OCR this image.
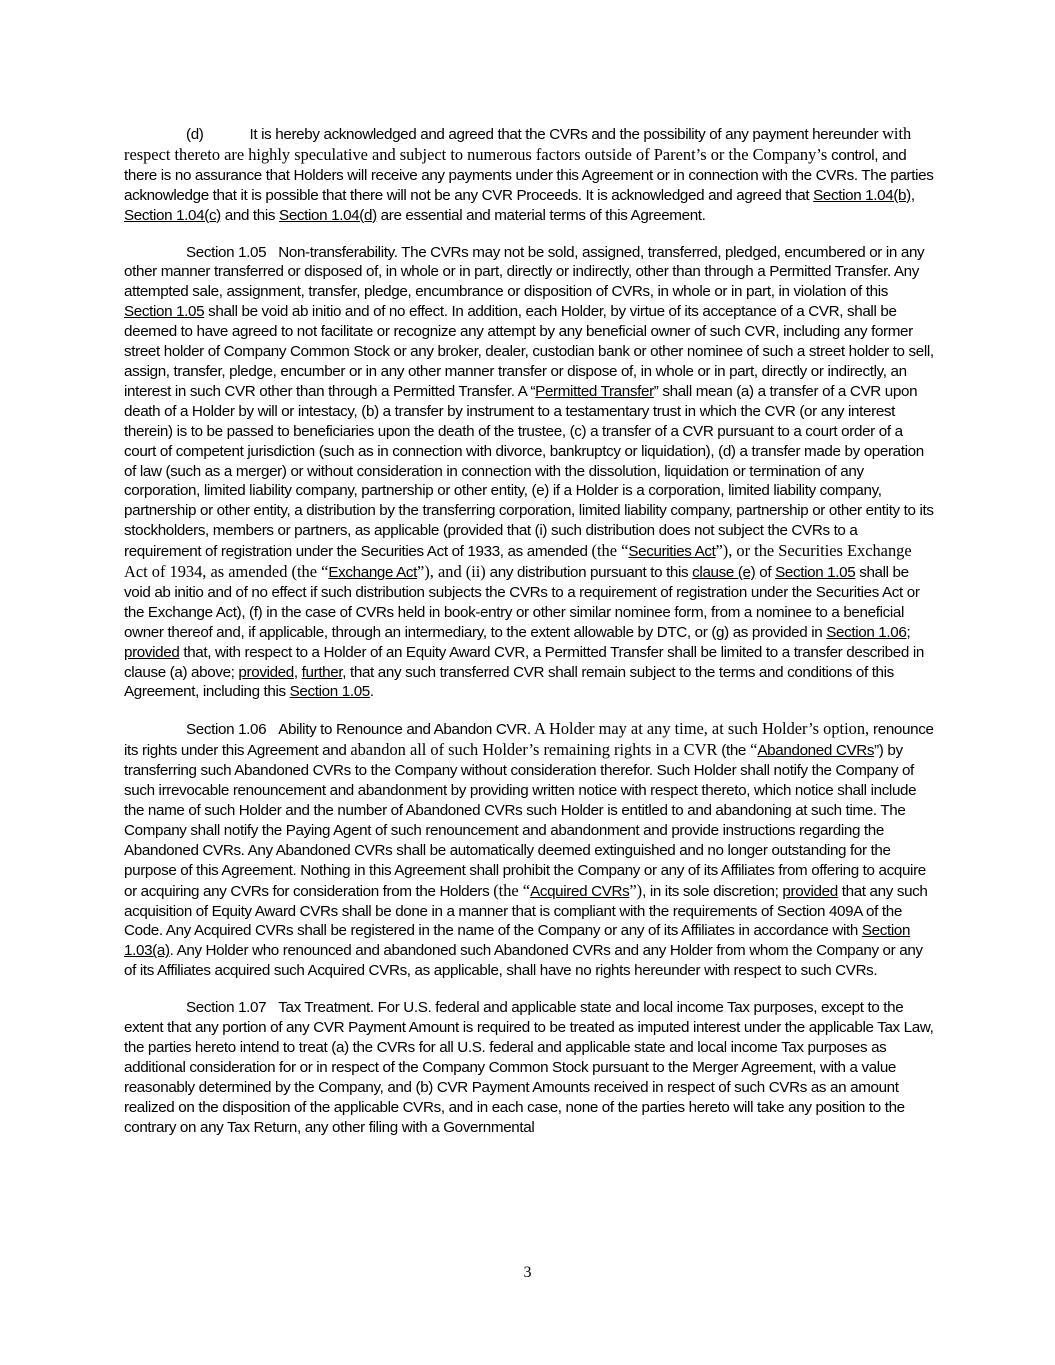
(d)	It is hereby acknowledged and agreed that the CVRs and the possibility of any payment hereunder with respect thereto are highly speculative and subject to numerous factors outside of Parent’s or the Company’s control, and there is no assurance that Holders will receive any payments under this Agreement or in connection with the CVRs. The parties acknowledge that it is possible that there will not be any CVR Proceeds. It is acknowledged and agreed that Section 1.04(b), Section 1.04(c) and this Section 1.04(d) are essential and material terms of this Agreement.

Section 1.05 Non-transferability. The CVRs may not be sold, assigned, transferred, pledged, encumbered or in any other manner transferred or disposed of, in whole or in part, directly or indirectly, other than through a Permitted Transfer. Any attempted sale, assignment, transfer, pledge, encumbrance or disposition of CVRs, in whole or in part, in violation of this Section 1.05 shall be void ab initio and of no effect. In addition, each Holder, by virtue of its acceptance of a CVR, shall be deemed to have agreed to not facilitate or recognize any attempt by any beneficial owner of such CVR, including any former street holder of Company Common Stock or any broker, dealer, custodian bank or other nominee of such a street holder to sell, assign, transfer, pledge, encumber or in any other manner transfer or dispose of, in whole or in part, directly or indirectly, an interest in such CVR other than through a Permitted Transfer. A “Permitted Transfer” shall mean (a) a transfer of a CVR upon death of a Holder by will or intestacy, (b) a transfer by instrument to a testamentary trust in which the CVR (or any interest therein) is to be passed to beneficiaries upon the death of the trustee, (c) a transfer of a CVR pursuant to a court order of a court of competent jurisdiction (such as in connection with divorce, bankruptcy or liquidation), (d) a transfer made by operation of law (such as a merger) or without consideration in connection with the dissolution, liquidation or termination of any corporation, limited liability company, partnership or other entity, (e) if a Holder is a corporation, limited liability company, partnership or other entity, a distribution by the transferring corporation, limited liability company, partnership or other entity to its stockholders, members or partners, as applicable (provided that (i) such distribution does not subject the CVRs to a requirement of registration under the Securities Act of 1933, as amended (the “Securities Act”), or the Securities Exchange Act of 1934, as amended (the “Exchange Act”), and (ii) any distribution pursuant to this clause (e) of Section 1.05 shall be void ab initio and of no effect if such distribution subjects the CVRs to a requirement of registration under the Securities Act or the Exchange Act), (f) in the case of CVRs held in book-entry or other similar nominee form, from a nominee to a beneficial owner thereof and, if applicable, through an intermediary, to the extent allowable by DTC, or (g) as provided in Section 1.06; provided that, with respect to a Holder of an Equity Award CVR, a Permitted Transfer shall be limited to a transfer described in clause (a) above; provided, further, that any such transferred CVR shall remain subject to the terms and conditions of this Agreement, including this Section 1.05.

Section 1.06 Ability to Renounce and Abandon CVR. A Holder may at any time, at such Holder’s option, renounce its rights under this Agreement and abandon all of such Holder’s remaining rights in a CVR (the “Abandoned CVRs”) by transferring such Abandoned CVRs to the Company without consideration therefor. Such Holder shall notify the Company of such irrevocable renouncement and abandonment by providing written notice with respect thereto, which notice shall include the name of such Holder and the number of Abandoned CVRs such Holder is entitled to and abandoning at such time. The Company shall notify the Paying Agent of such renouncement and abandonment and provide instructions regarding the Abandoned CVRs. Any Abandoned CVRs shall be automatically deemed extinguished and no longer outstanding for the purpose of this Agreement. Nothing in this Agreement shall prohibit the Company or any of its Affiliates from offering to acquire or acquiring any CVRs for consideration from the Holders (the “Acquired CVRs”), in its sole discretion; provided that any such acquisition of Equity Award CVRs shall be done in a manner that is compliant with the requirements of Section 409A of the Code. Any Acquired CVRs shall be registered in the name of the Company or any of its Affiliates in accordance with Section 1.03(a). Any Holder who renounced and abandoned such Abandoned CVRs and any Holder from whom the Company or any of its Affiliates acquired such Acquired CVRs, as applicable, shall have no rights hereunder with respect to such CVRs.

Section 1.07 Tax Treatment. For U.S. federal and applicable state and local income Tax purposes, except to the extent that any portion of any CVR Payment Amount is required to be treated as imputed interest under the applicable Tax Law, the parties hereto intend to treat (a) the CVRs for all U.S. federal and applicable state and local income Tax purposes as additional consideration for or in respect of the Company Common Stock pursuant to the Merger Agreement, with a value reasonably determined by the Company, and (b) CVR Payment Amounts received in respect of such CVRs as an amount realized on the disposition of the applicable CVRs, and in each case, none of the parties hereto will take any position to the contrary on any Tax Return, any other filing with a Governmental

3
